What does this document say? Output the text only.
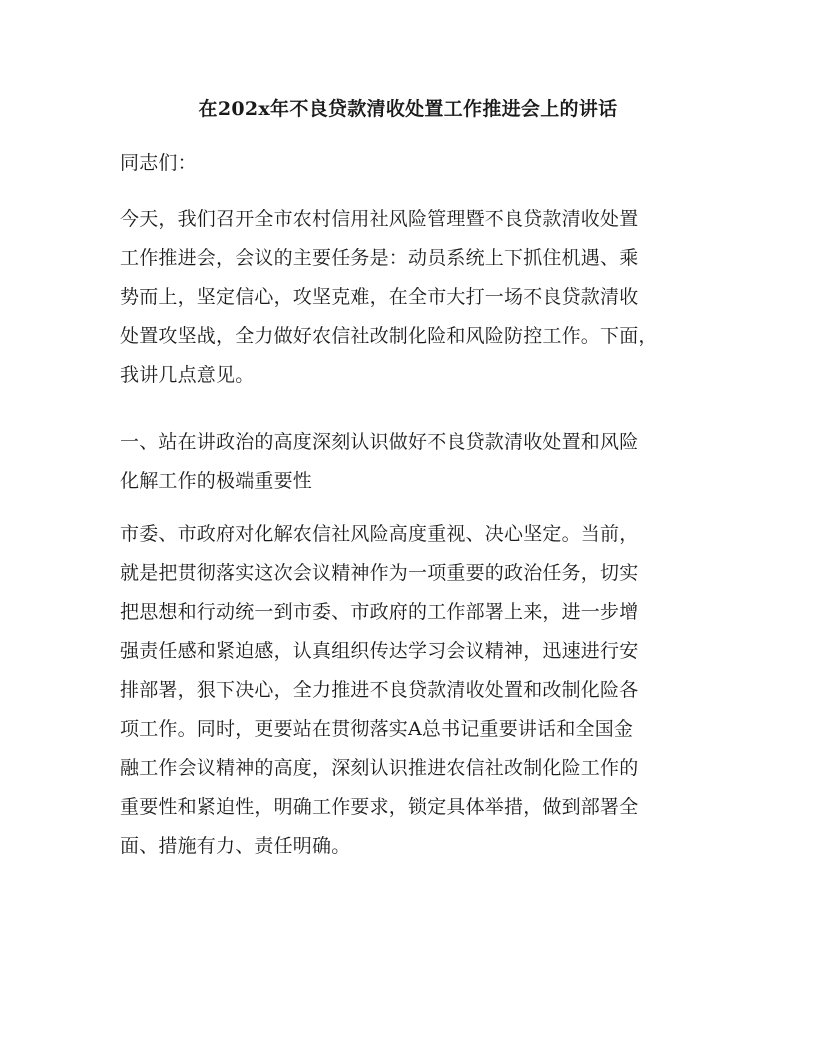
在202x年不良贷款清收处置工作推进会上的讲话
同志们：
今天，我们召开全市农村信用社风险管理暨不良贷款清收处置
工作推进会，会议的主要任务是：动员系统上下抓住机遇、乘
势而上，坚定信心，攻坚克难，在全市大打一场不良贷款清收
处置攻坚战，全力做好农信社改制化险和风险防控工作。下面，
我讲几点意见。
一、站在讲政治的高度深刻认识做好不良贷款清收处置和风险
化解工作的极端重要性
市委、市政府对化解农信社风险高度重视、决心坚定。当前，
就是把贯彻落实这次会议精神作为一项重要的政治任务，切实
把思想和行动统一到市委、市政府的工作部署上来，进一步增
强责任感和紧迫感，认真组织传达学习会议精神，迅速进行安
排部署，狠下决心，全力推进不良贷款清收处置和改制化险各
项工作。同时，更要站在贯彻落实A总书记重要讲话和全国金
融工作会议精神的高度，深刻认识推进农信社改制化险工作的
重要性和紧迫性，明确工作要求，锁定具体举措，做到部署全
面、措施有力、责任明确。
